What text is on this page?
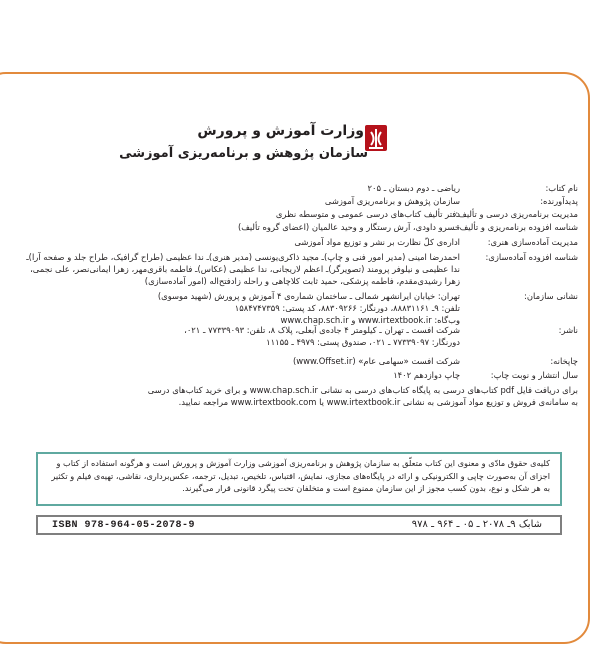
وزارت آموزش و پرورش
سازمان پژوهش و برنامه‌ریزی آموزشی
نام کتاب:
ریاضی ـ دوم دبستان ـ ۲۰۵
پدیدآورنده:
سازمان پژوهش و برنامه‌ریزی آموزشی
مدیریت برنامه‌ریزی درسی و تألیف:
دفتر تألیف کتاب‌های درسی عمومی و متوسطه نظری
شناسه افزوده برنامه‌ریزی و تألیف:
خسرو داودی، آرش رستگار و وحید عالمیان (اعضای گروه تألیف)
مدیریت آماده‌سازی هنری:
اداره‌ی کلّ نظارت بر نشر و توزیع مواد آموزشی
شناسه افزوده آماده‌سازی:
احمدرضا امینی (مدیر امور فنی و چاپ)ـ مجید ذاکری‌یونسی (مدیر هنری)ـ ندا عظیمی (طراح گرافیک، طراح جلد و صفحه آرا)ـ
ندا عظیمی و نیلوفر پرومند (تصویرگر)ـ اعظم لاریجانی، ندا عظیمی (عکاس)ـ فاطمه باقری‌مهر، زهرا ایمانی‌نصر، علی نجمی،
زهرا رشیدی‌مقدم، فاطمه پزشکی، حمید ثابت کلاچاهی و راحله زادفتح‌اله (امور آماده‌سازی)
نشانی سازمان:
تهران: خیابان ایرانشهر شمالی ـ ساختمان شماره‌ی ۴ آموزش و پرورش (شهید موسوی)
تلفن: ۹ـ ۸۸۸۳۱۱۶۱، دورنگار: ۸۸۳۰۹۲۶۶، کد پستی: ۱۵۸۴۷۴۷۳۵۹
وب‌گاه: www.irtextbook.ir و www.chap.sch.ir
ناشر:
شرکت افست ـ تهران ـ کیلومتر ۴ جاده‌ی آبعلی، پلاک ۸، تلفن: ۷۷۳۳۹۰۹۳ ـ ۰۲۱،
دورنگار: ۷۷۳۳۹۰۹۷ ـ ۰۲۱، صندوق پستی: ۴۹۷۹ ـ ۱۱۱۵۵
چاپخانه:
شرکت افست «سهامی عام» (www.Offset.ir)
سال انتشار و نوبت چاپ:
چاپ دوازدهم ۱۴۰۲
کلیه‌ی حقوق مادّی و معنوی این کتاب متعلّق به سازمان پژوهش و برنامه‌ریزی آموزشی وزارت آموزش و پرورش است و هرگونه استفاده از کتاب و
اجزای آن به‌صورت چاپی و الکترونیکی و ارائه در پایگاه‌های مجازی، نمایش، اقتباس، تلخیص، تبدیل، ترجمه، عکس‌برداری، نقاشی، تهیه‌ی فیلم و تکثیر
به هر شکل و نوع، بدون کسب مجوز از این سازمان ممنوع است و متخلفان تحت پیگرد قانونی قرار می‌گیرند.
ISBN 978-964-05-2078-9	شابک ۹ـ ۲۰۷۸ ـ ۰۵ ـ ۹۶۴ ـ ۹۷۸
برای دریافت فایل pdf کتاب‌های درسی به پایگاه کتاب‌های درسی به نشانی www.chap.sch.ir و برای خرید کتاب‌های درسی
به سامانه‌ی فروش و توزیع مواد آموزشی به نشانی www.irtextbook.ir یا www.irtextbook.com مراجعه نمایید.
